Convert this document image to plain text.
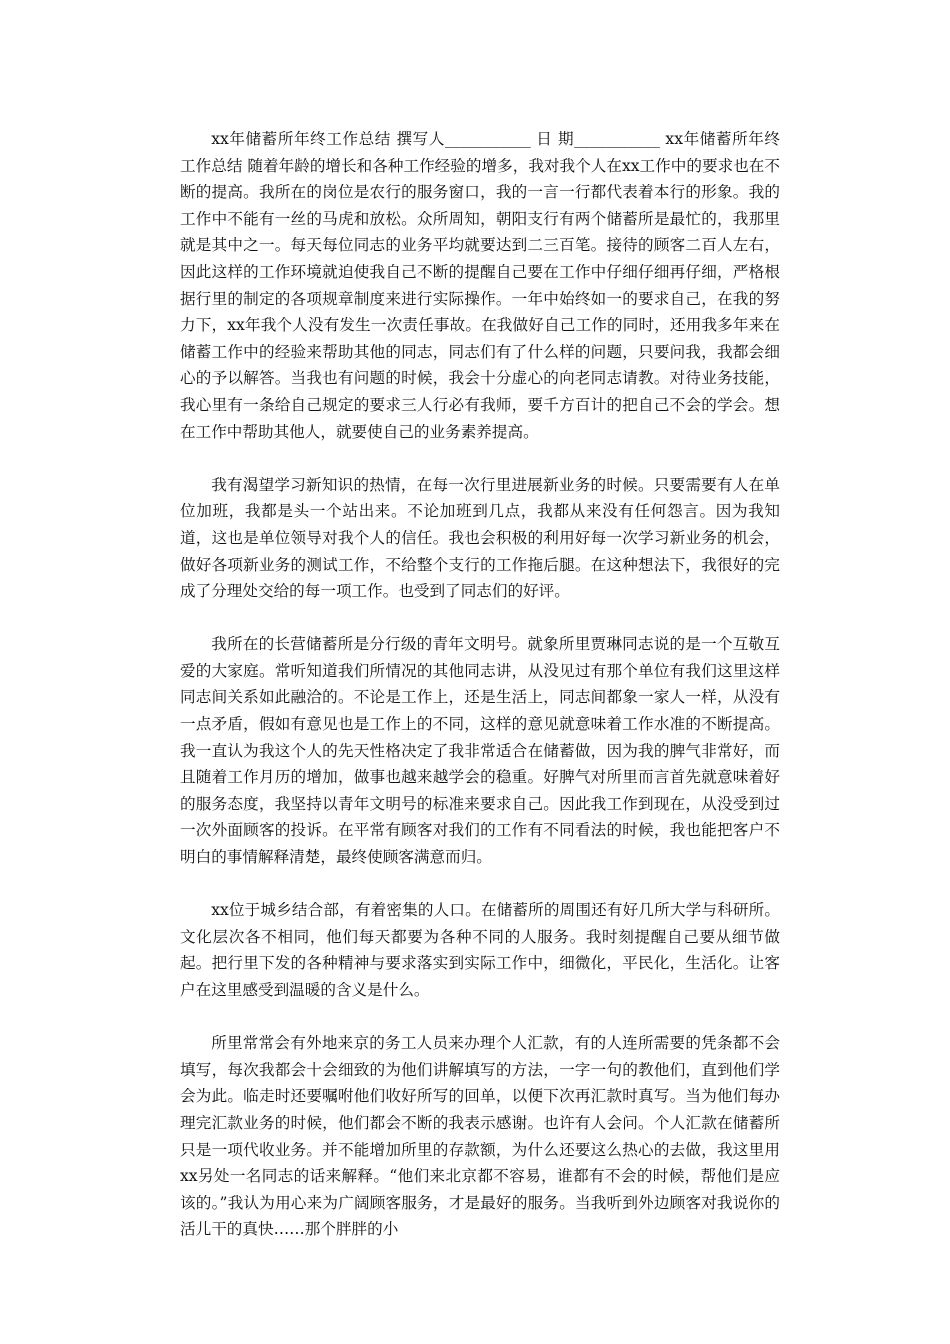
xx年储蓄所年终工作总结 撰写人___________ 日 期___________ xx年储蓄所年终工作总结 随着年龄的增长和各种工作经验的增多，我对我个人在xx工作中的要求也在不断的提高。我所在的岗位是农行的服务窗口，我的一言一行都代表着本行的形象。我的工作中不能有一丝的马虎和放松。众所周知，朝阳支行有两个储蓄所是最忙的，我那里就是其中之一。每天每位同志的业务平均就要达到二三百笔。接待的顾客二百人左右，因此这样的工作环境就迫使我自己不断的提醒自己要在工作中仔细仔细再仔细，严格根据行里的制定的各项规章制度来进行实际操作。一年中始终如一的要求自己，在我的努力下，xx年我个人没有发生一次责任事故。在我做好自己工作的同时，还用我多年来在储蓄工作中的经验来帮助其他的同志，同志们有了什么样的问题，只要问我，我都会细心的予以解答。当我也有问题的时候，我会十分虚心的向老同志请教。对待业务技能，我心里有一条给自己规定的要求三人行必有我师，要千方百计的把自己不会的学会。想在工作中帮助其他人，就要使自己的业务素养提高。

我有渴望学习新知识的热情，在每一次行里进展新业务的时候。只要需要有人在单位加班，我都是头一个站出来。不论加班到几点，我都从来没有任何怨言。因为我知道，这也是单位领导对我个人的信任。我也会积极的利用好每一次学习新业务的机会，做好各项新业务的测试工作，不给整个支行的工作拖后腿。在这种想法下，我很好的完成了分理处交给的每一项工作。也受到了同志们的好评。

我所在的长营储蓄所是分行级的青年文明号。就象所里贾琳同志说的是一个互敬互爱的大家庭。常听知道我们所情况的其他同志讲，从没见过有那个单位有我们这里这样同志间关系如此融洽的。不论是工作上，还是生活上，同志间都象一家人一样，从没有一点矛盾，假如有意见也是工作上的不同，这样的意见就意味着工作水准的不断提高。我一直认为我这个人的先天性格决定了我非常适合在储蓄做，因为我的脾气非常好，而且随着工作月历的增加，做事也越来越学会的稳重。好脾气对所里而言首先就意味着好的服务态度，我坚持以青年文明号的标准来要求自己。因此我工作到现在，从没受到过一次外面顾客的投诉。在平常有顾客对我们的工作有不同看法的时候，我也能把客户不明白的事情解释清楚，最终使顾客满意而归。

xx位于城乡结合部，有着密集的人口。在储蓄所的周围还有好几所大学与科研所。文化层次各不相同，他们每天都要为各种不同的人服务。我时刻提醒自己要从细节做起。把行里下发的各种精神与要求落实到实际工作中，细微化，平民化，生活化。让客户在这里感受到温暖的含义是什么。

所里常常会有外地来京的务工人员来办理个人汇款，有的人连所需要的凭条都不会填写，每次我都会十会细致的为他们讲解填写的方法，一字一句的教他们，直到他们学会为此。临走时还要嘱咐他们收好所写的回单，以便下次再汇款时真写。当为他们每办理完汇款业务的时候，他们都会不断的我表示感谢。也许有人会问。个人汇款在储蓄所只是一项代收业务。并不能增加所里的存款额，为什么还要这么热心的去做，我这里用xx另处一名同志的话来解释。“他们来北京都不容易，谁都有不会的时候，帮他们是应该的。”我认为用心来为广阔顾客服务，才是最好的服务。当我听到外边顾客对我说你的活儿干的真快……那个胖胖的小
